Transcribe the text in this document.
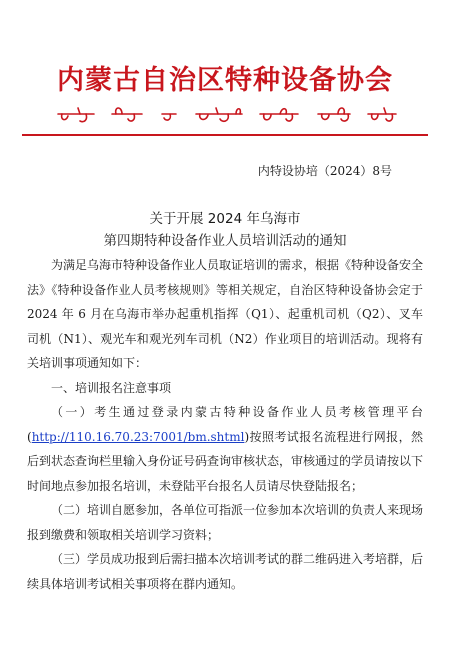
内蒙古自治区特种设备协会
内特设协培（2024）8号
关于开展 2024 年乌海市
第四期特种设备作业人员培训活动的通知

为满足乌海市特种设备作业人员取证培训的需求，根据《特种设备安全法》《特种设备作业人员考核规则》等相关规定，自治区特种设备协会定于 2024 年 6 月在乌海市举办起重机指挥（Q1）、起重机司机（Q2）、叉车司机（N1）、观光车和观光列车司机（N2）作业项目的培训活动。现将有关培训事项通知如下：

一、培训报名注意事项

（一）考生通过登录内蒙古特种设备作业人员考核管理平台(http://110.16.70.23:7001/bm.shtml)按照考试报名流程进行网报，然后到状态查询栏里输入身份证号码查询审核状态，审核通过的学员请按以下时间地点参加报名培训，未登陆平台报名人员请尽快登陆报名；

（二）培训自愿参加，各单位可指派一位参加本次培训的负责人来现场报到缴费和领取相关培训学习资料；

（三）学员成功报到后需扫描本次培训考试的群二维码进入考培群，后续具体培训考试相关事项将在群内通知。
